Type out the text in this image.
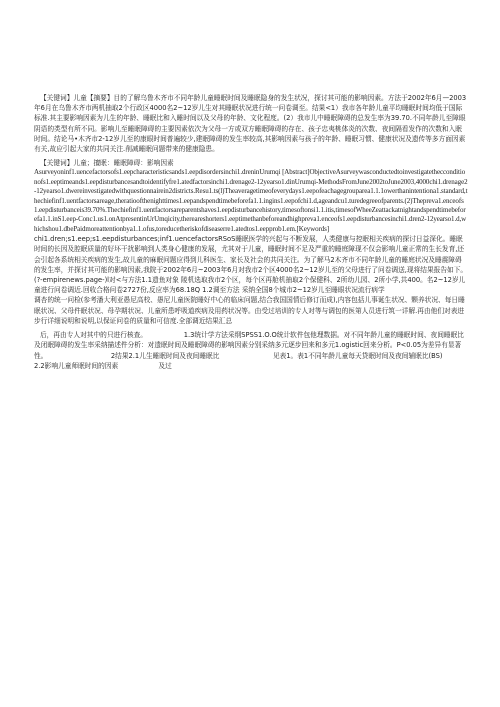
【关键词】儿童【摘要】目的了解乌鲁木齐市不同年龄儿童睡眠时间及睡眠隐身的发生状况，探讨其可能的影响因素。方法于2002年6月—2003年6月在乌鲁木齐市两机抽取2个行政区4000名2~12岁儿生对其睡眠状况进行统一问卷调至。结果<1）我市各年龄儿童平均睡眠时间均低于国际标准.其主要影响因素为儿生的年龄、睡眠比和入睡时间以及父母的年龄、文化程度。(2）我市儿中睡眠障碍的总发生率为39.70.不同年龄儿至障眼阴语的类型有所不同。影响儿至睡眠障碍的主要因素依次为父母一方或双方睡眠障碍的存在、孩子忠夷桃体炎的次数、夜间隔看发作的次数和入眠时间。结论马•木齐市2-12岁儿至的康眼时间普遍较少,建眠障碍的发生率较高,其影响因素与孩子的年龄、睡眠习惯、健康状况及遗传等多方面因素有关,故应引起大家的共同关注.削减睡眠问题带来的健康隐患。

【关键词】儿童；擅眠：睡眠障碍：影响因素

Asurveyoninf1.uencefactorsofs1.eepcharacteristicsands1.eepdisordersinchi1.dreninUrumqi [Abstract]ObjectiveAsurveywasconductedtoinvestigatethecconditionofs1.eeptimeands1.eepdisturbancesandtoidentifyfre1.atedfactorsinchi1.drenage2-12yearso1.dinUrumqi-MethodsFromJune2002toJune2003,4000chi1.drenage2-12yearso1.dwereinvestigatedwithquestionnairein2districts.Resu1.ts(l)Theaveragetimeofeverydays1.eepofeachagegrouparea1.1.1owerthanintentiona1.standard,thechiefinf1.uentfactorsareage,theratioofthenighttimes1.eepandspendtimebeforefa1.1.ingins1.eepofchi1.d,ageandcu1.turedegreeofparents.(2)Thepreva1.enceofs1.eepdisturbanceis39.70%.Thechiefinf1.uentfactorsareparentshaves1.eepdisturbancehistory,timesoftonsi1.1.itis,timesofWheeZeattackatnightandspendtimebeforefa1.1.inS1.eep-Conc1.us1.onAtpresentinUrUmqicity,thereareshorters1.eeptimethanbeforeandhighpreva1.enceofs1.eepdisturbancesinchi1.dren2-12yearso1.d,whichshou1.dbePaidmoreattentionbya1.1.ofus,toreducetheriskofdiseaserre1.atedtos1.eepprob1.em.[Keywords]

chi1.dren;s1.eep;s1.eepdisturbances;inf1.uencefactorsRSoS睡眠医学的兴起与不断发展，人类健康与控眠相关疾病的探讨日益深化。睡眠时间的长因及腔眠质量的好坏干扰影响到人类身心健康的发展，尤其对于儿童，睡眠时间不足及严重的睡庭障现不仅会影响儿童正常的生长发育,还会引起各系统相关疾病的发生,故儿童的麻眠问题应得到儿科医生、家长及社会的共同关注。为了解马2木齐市不同年龄儿童的睡庭状况及睡震障碍的发生率，并探讨其可能的影响因素,我院于2002年6月~2003年6月对我市2个区4000名2~12岁儿至的父母进行了问卷调送,现将结果报告如下。(?-empirenews.page-)l对<与方法1.1遗鱼对象 陵机选取我市2个区，每个区再舱机抽取2个保健科、2所幼儿园、2所小学,共400。名2~12岁儿童进行问卷调近.回收合格问卷2727份,反应率为68.18Q 1.2调至方法 采纳全国8个城市2~12岁儿至睡眼状况流行病学

调杏的统一问检(参考潘大利亚愚尼高校、愚尼儿童医院睡好中心的临床问题,结合我国国情后修订而成),内容包括儿事诞生状况、颗养状况、每日睡眠状况、父母件眠状况、母孕期状况、儿童所患呼吸道疾病及用药状况等。由受过培训的专人对等与调包的医第人员进行筑一详解.再由他们对表进步行详细说明和说明,以保证问卷的质量和可信度.全部调近结果汇总

后，再由专人对其中的只进行核查。　　　　　　1.3统计学方法采纲SPSS1.O.O统计软件包他理数据。对不同年龄儿童的睡眠时间、夜间睡眠比及闭眠障碍的发生率采纳描述件分析：对遗眠时间及睡眠障碍的影响因素分别采纳多元逐步回来和多元1.ogistic回来分析。P<0.05为差异有显著性。　　　　　　　　　　2结果2.1儿生睡眠时间及夜间睡眠比　　　　　　　　见表1。表1不同年龄儿童每天贷眠时间及夜间辅眠比(BS)　　　　　　　　2.2影响儿童师眠时间的因素　　　　　　及过
